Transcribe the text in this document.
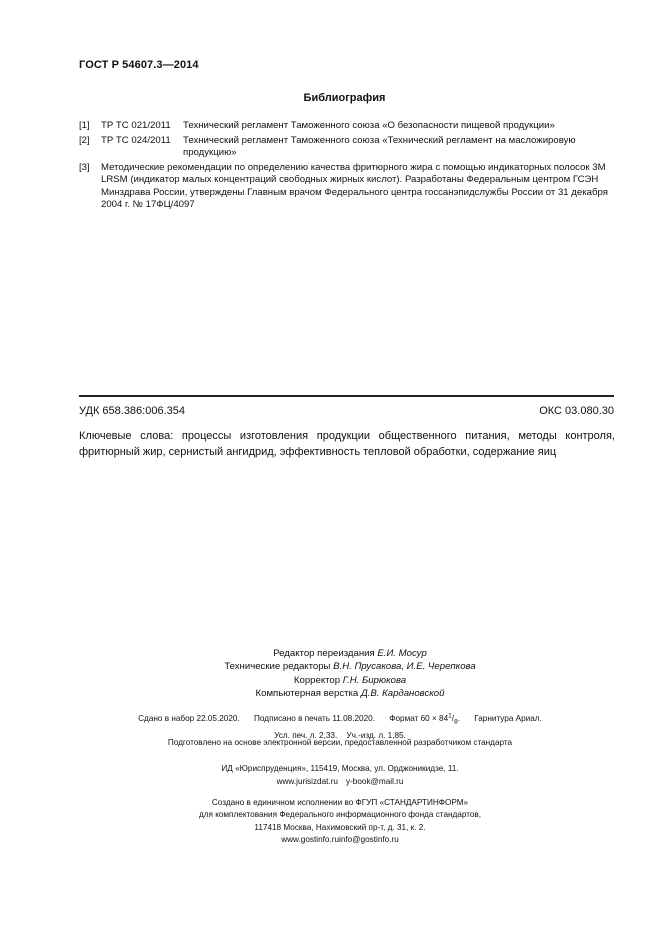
ГОСТ Р 54607.3—2014
Библиография
[1]	ТР ТС 021/2011	Технический регламент Таможенного союза «О безопасности пищевой продукции»
[2]	ТР ТС 024/2011	Технический регламент Таможенного союза «Технический регламент на масложировую продукцию»
[3]	Методические рекомендации по определению качества фритюрного жира с помощью индикаторных полосок 3M LRSM (индикатор малых концентраций свободных жирных кислот). Разработаны Федеральным центром ГСЭН Минздрава России, утверждены Главным врачом Федерального центра госсанэпидслужбы России от 31 декабря 2004 г. № 17ФЦ/4097
УДК 658.386:006.354	ОКС 03.080.30
Ключевые слова: процессы изготовления продукции общественного питания, методы контроля, фритюрный жир, сернистый ангидрид, эффективность тепловой обработки, содержание яиц
Редактор переиздания Е.И. Мосур
Технические редакторы В.Н. Прусакова, И.Е. Черепкова
Корректор Г.Н. Бирюкова
Компьютерная верстка Д.В. Кардановской
Сдано в набор 22.05.2020. Подписано в печать 11.08.2020. Формат $60 \times 84^1/_8$. Гарнитура Ариал.
Усл. печ. л. 2,33. Уч.-изд. л. 1,85.
Подготовлено на основе электронной версии, предоставленной разработчиком стандарта
ИД «Юриспруденция», 115419, Москва, ул. Орджоникидзе, 11.
www.jurisizdat.ru y-book@mail.ru
Создано в единичном исполнении во ФГУП «СТАНДАРТИНФОРМ»
для комплектования Федерального информационного фонда стандартов,
117418 Москва, Нахимовский пр-т, д. 31, к. 2.
www.gostinfo.ruinfo@gostinfo.ru
